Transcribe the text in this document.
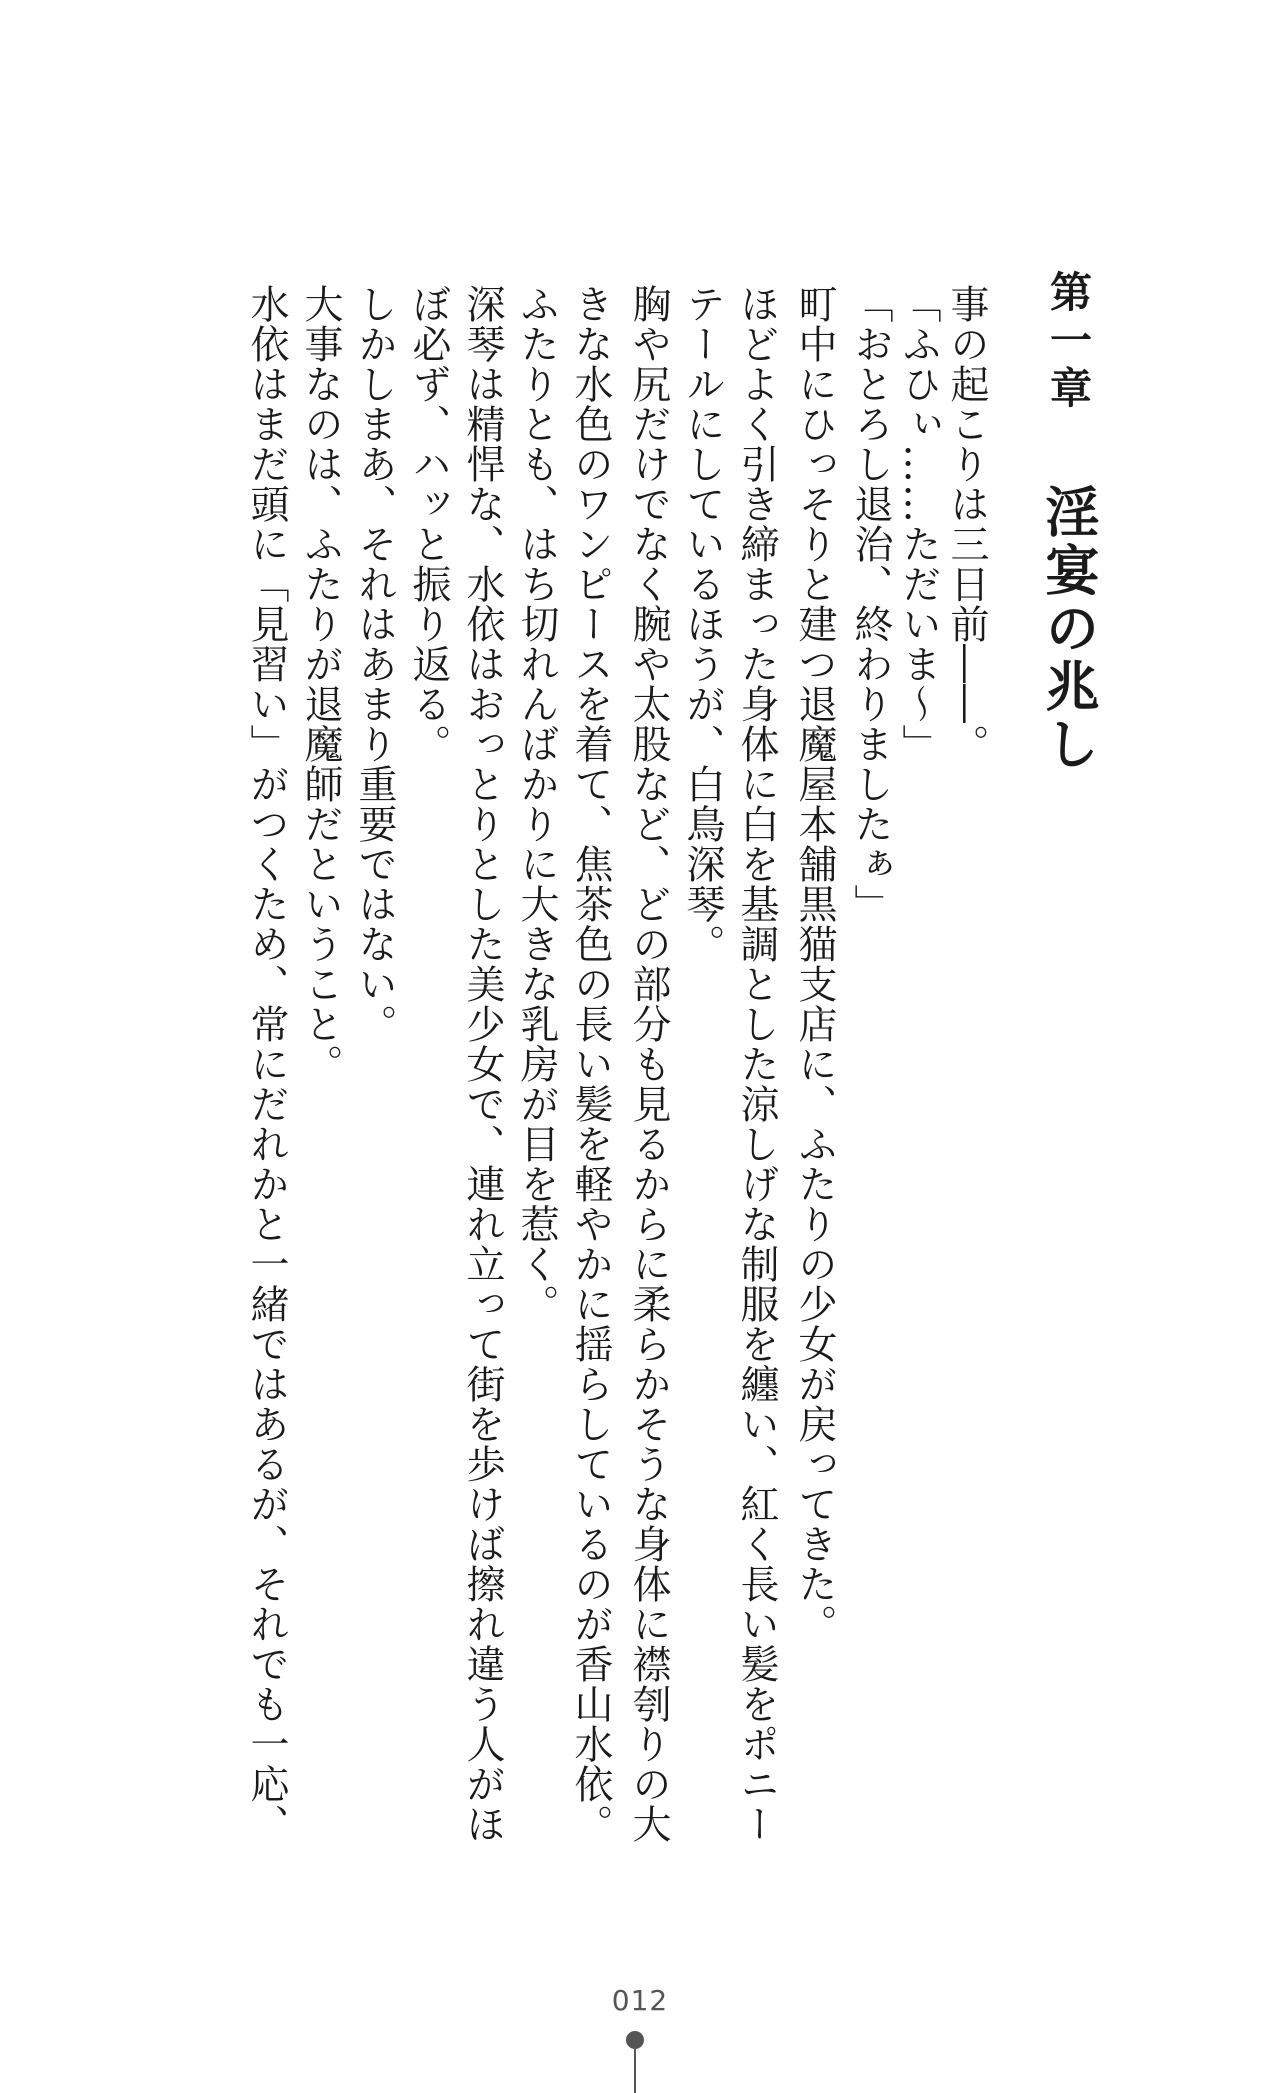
第一章淫宴の兆し
事の起こりは三日前――。
「ふひぃ……ただいま～」
「おとろし退治、終わりましたぁ」
町中にひっそりと建つ退魔屋本舗黒猫支店に、ふたりの少女が戻ってきた。
ほどよく引き締まった身体に白を基調とした涼しげな制服を纏い、紅く長い髪をポニー
テールにしているほうが、白鳥深琴。
胸や尻だけでなく腕や太股など、どの部分も見るからに柔らかそうな身体に襟刳りの大
きな水色のワンピースを着て、焦茶色の長い髪を軽やかに揺らしているのが香山水依。
ふたりとも、はち切れんばかりに大きな乳房が目を惹く。
深琴は精悍な、水依はおっとりとした美少女で、連れ立って街を歩けば擦れ違う人がほ
ぼ必ず、ハッと振り返る。
しかしまあ、それはあまり重要ではない。
大事なのは、ふたりが退魔師だということ。
水依はまだ頭に「見習い」がつくため、常にだれかと一緒ではあるが、それでも一応、
012
